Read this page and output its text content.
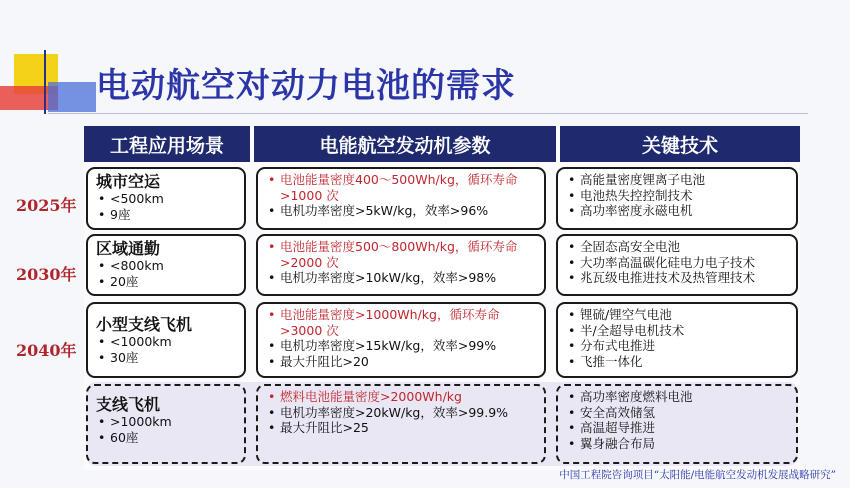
电动航空对动力电池的需求
工程应用场景	电能航空发动机参数	关键技术
2025年
城市空运
• <500km
• 9座
• 电池能量密度400～500Wh/kg，循环寿命>1000 次
• 电机功率密度>5kW/kg，效率>96%
• 高能量密度锂离子电池
• 电池热失控控制技术
• 高功率密度永磁电机
2030年
区域通勤
• <800km
• 20座
• 电池能量密度500～800Wh/kg，循环寿命>2000 次
• 电机功率密度>10kW/kg，效率>98%
• 全固态高安全电池
• 大功率高温碳化硅电力电子技术
• 兆瓦级电推进技术及热管理技术
2040年
小型支线飞机
• <1000km
• 30座
• 电池能量密度>1000Wh/kg，循环寿命>3000 次
• 电机功率密度>15kW/kg，效率>99%
• 最大升阻比>20
• 锂硫/锂空气电池
• 半/全超导电机技术
• 分布式电推进
• 飞推一体化
支线飞机
• >1000km
• 60座
• 燃料电池能量密度>2000Wh/kg
• 电机功率密度>20kW/kg，效率>99.9%
• 最大升阻比>25
• 高功率密度燃料电池
• 安全高效储氢
• 高温超导推进
• 翼身融合布局
中国工程院咨询项目“太阳能/电能航空发动机发展战略研究”
